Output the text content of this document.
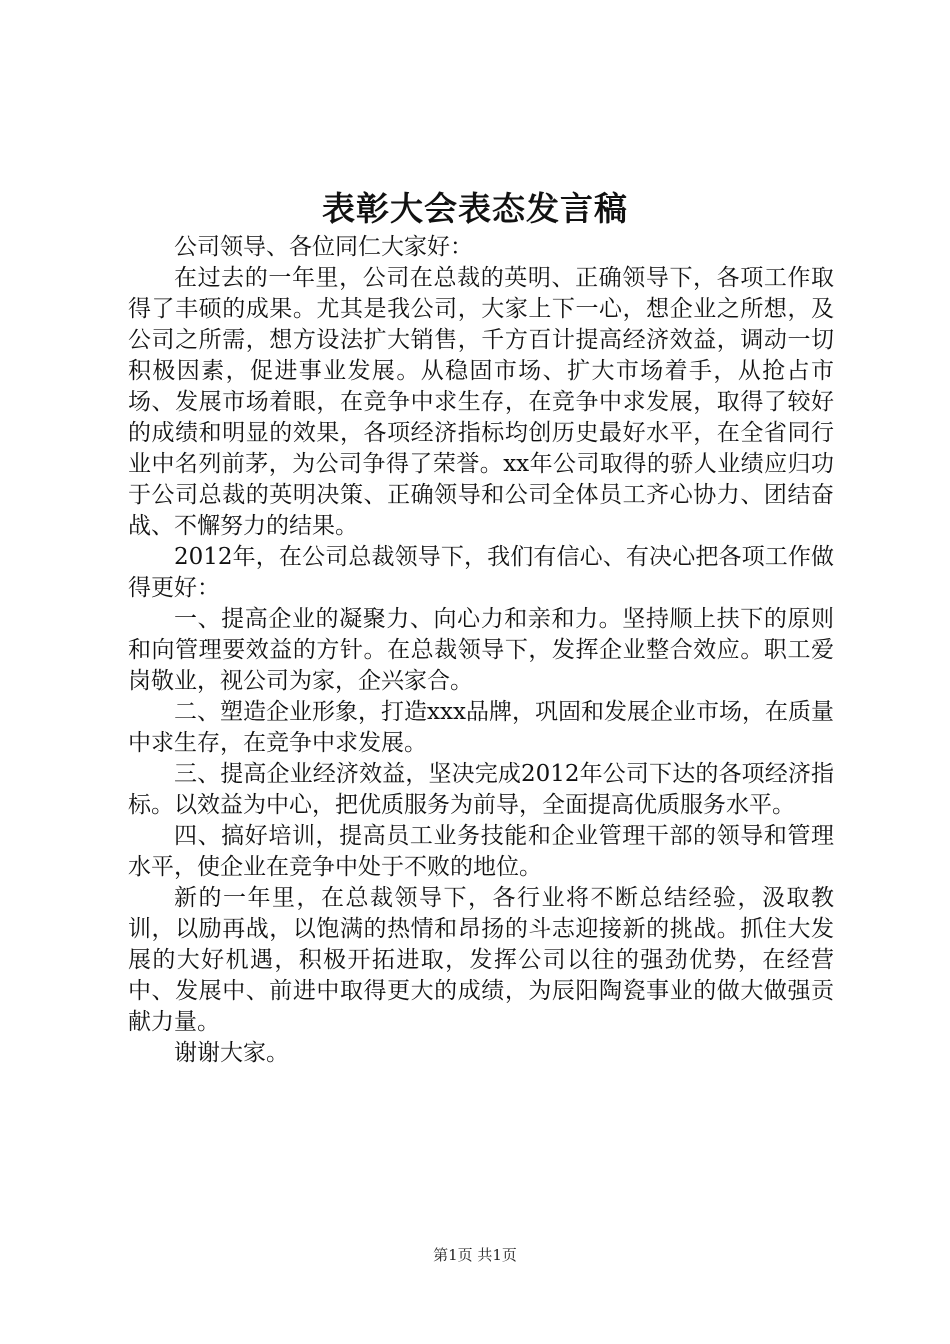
表彰大会表态发言稿

公司领导、各位同仁大家好：

在过去的一年里，公司在总裁的英明、正确领导下，各项工作取得了丰硕的成果。尤其是我公司，大家上下一心，想企业之所想，及公司之所需，想方设法扩大销售，千方百计提高经济效益，调动一切积极因素，促进事业发展。从稳固市场、扩大市场着手，从抢占市场、发展市场着眼，在竞争中求生存，在竞争中求发展，取得了较好的成绩和明显的效果，各项经济指标均创历史最好水平，在全省同行业中名列前茅，为公司争得了荣誉。xx年公司取得的骄人业绩应归功于公司总裁的英明决策、正确领导和公司全体员工齐心协力、团结奋战、不懈努力的结果。

2012年，在公司总裁领导下，我们有信心、有决心把各项工作做得更好：

一、提高企业的凝聚力、向心力和亲和力。坚持顺上扶下的原则和向管理要效益的方针。在总裁领导下，发挥企业整合效应。职工爱岗敬业，视公司为家，企兴家合。

二、塑造企业形象，打造xxx品牌，巩固和发展企业市场，在质量中求生存，在竞争中求发展。

三、提高企业经济效益，坚决完成2012年公司下达的各项经济指标。以效益为中心，把优质服务为前导，全面提高优质服务水平。

四、搞好培训，提高员工业务技能和企业管理干部的领导和管理水平，使企业在竞争中处于不败的地位。

新的一年里，在总裁领导下，各行业将不断总结经验，汲取教训，以励再战，以饱满的热情和昂扬的斗志迎接新的挑战。抓住大发展的大好机遇，积极开拓进取，发挥公司以往的强劲优势，在经营中、发展中、前进中取得更大的成绩，为辰阳陶瓷事业的做大做强贡献力量。

谢谢大家。

第1页 共1页
